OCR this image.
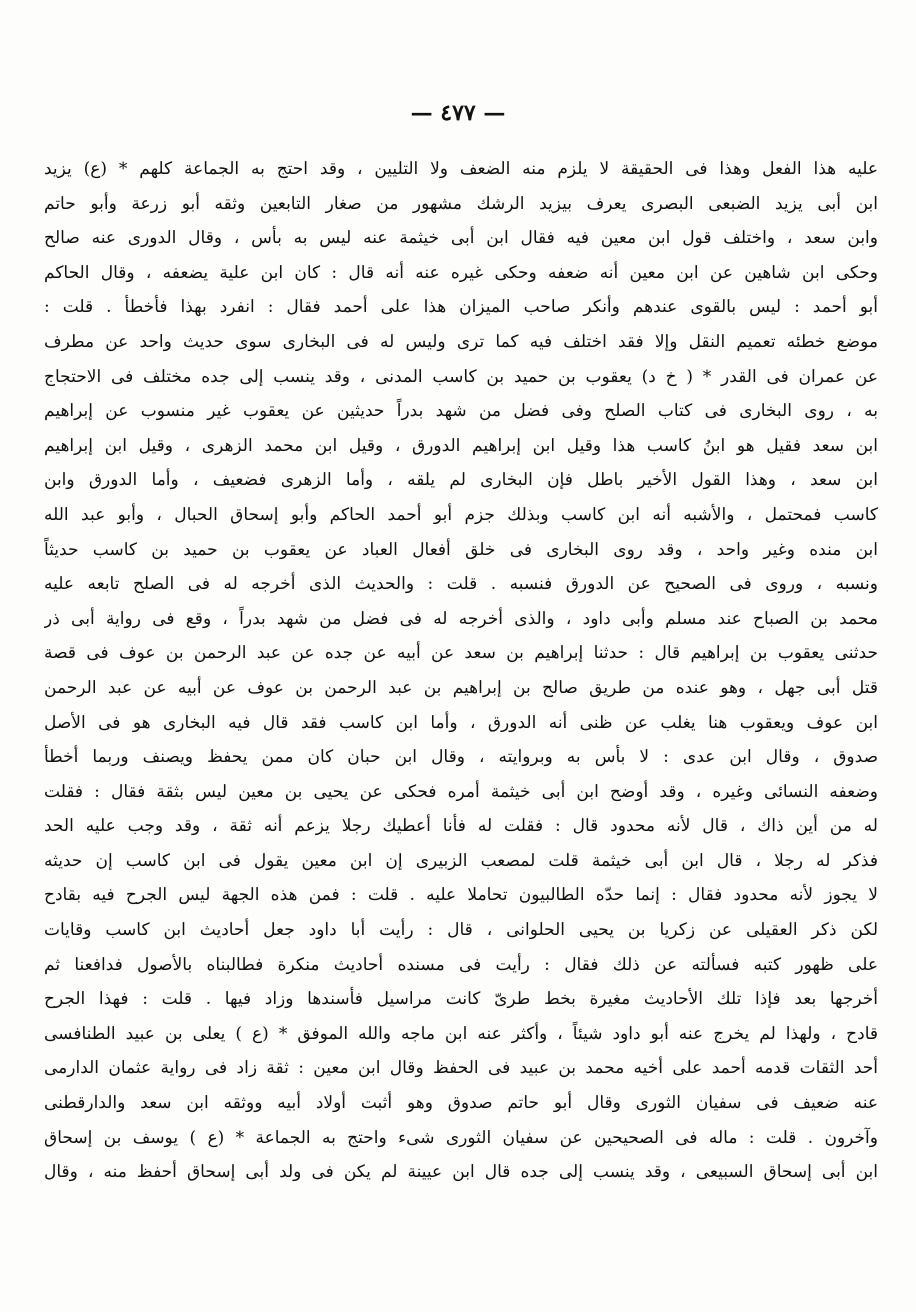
— ٤٧٧ —
عليه هذا الفعل وهذا فى الحقيقة لا يلزم منه الضعف ولا التليين ، وقد احتج به الجماعة كلهم * (ع) يزيد
ابن أبى يزيد الضبعى البصرى يعرف بيزيد الرشك مشهور من صغار التابعين وثقه أبو زرعة وأبو حاتم
وابن سعد ، واختلف قول ابن معين فيه فقال ابن أبى خيثمة عنه ليس به بأس ، وقال الدورى عنه صالح
وحكى ابن شاهين عن ابن معين أنه ضعفه وحكى غيره عنه أنه قال : كان ابن علية يضعفه ، وقال الحاكم
أبو أحمد : ليس بالقوى عندهم وأنكر صاحب الميزان هذا على أحمد فقال : انفرد بهذا فأخطأ . قلت :
موضع خطئه تعميم النقل وإلا فقد اختلف فيه كما ترى وليس له فى البخارى سوى حديث واحد عن مطرف
عن عمران فى القدر * ( خ د) يعقوب بن حميد بن كاسب المدنى ، وقد ينسب إلى جده مختلف فى الاحتجاج
به ، روى البخارى فى كتاب الصلح وفى فضل من شهد بدراً حديثين عن يعقوب غير منسوب عن إبراهيم
ابن سعد فقيل هو ابنُ كاسب هذا وقيل ابن إبراهيم الدورق ، وقيل ابن محمد الزهرى ، وقيل ابن إبراهيم
ابن سعد ، وهذا القول الأخير باطل فإن البخارى لم يلقه ، وأما الزهرى فضعيف ، وأما الدورق وابن
كاسب فمحتمل ، والأشبه أنه ابن كاسب وبذلك جزم أبو أحمد الحاكم وأبو إسحاق الحبال ، وأبو عبد الله
ابن منده وغير واحد ، وقد روى البخارى فى خلق أفعال العباد عن يعقوب بن حميد بن كاسب حديثاً
ونسبه ، وروى فى الصحيح عن الدورق فنسبه . قلت : والحديث الذى أخرجه له فى الصلح تابعه عليه
محمد بن الصباح عند مسلم وأبى داود ، والذى أخرجه له فى فضل من شهد بدراً ، وقع فى رواية أبى ذر
حدثنى يعقوب بن إبراهيم قال : حدثنا إبراهيم بن سعد عن أبيه عن جده عن عبد الرحمن بن عوف فى قصة
قتل أبى جهل ، وهو عنده من طريق صالح بن إبراهيم بن عبد الرحمن بن عوف عن أبيه عن عبد الرحمن
ابن عوف ويعقوب هنا يغلب عن ظنى أنه الدورق ، وأما ابن كاسب فقد قال فيه البخارى هو فى الأصل
صدوق ، وقال ابن عدى : لا بأس به وبروايته ، وقال ابن حبان كان ممن يحفظ ويصنف وربما أخطأ
وضعفه النسائى وغيره ، وقد أوضح ابن أبى خيثمة أمره فحكى عن يحيى بن معين ليس بثقة فقال : فقلت
له من أين ذاك ، قال لأنه محدود قال : فقلت له فأنا أعطيك رجلا يزعم أنه ثقة ، وقد وجب عليه الحد
فذكر له رجلا ، قال ابن أبى خيثمة قلت لمصعب الزبيرى إن ابن معين يقول فى ابن كاسب إن حديثه
لا يجوز لأنه محدود فقال : إنما حدّه الطالبيون تحاملا عليه . قلت : فمن هذه الجهة ليس الجرح فيه بقادح
لكن ذكر العقيلى عن زكريا بن يحيى الحلوانى ، قال : رأيت أبا داود جعل أحاديث ابن كاسب وقايات
على ظهور كتبه فسألته عن ذلك فقال : رأيت فى مسنده أحاديث منكرة فطالبناه بالأصول فدافعنا ثم
أخرجها بعد فإذا تلك الأحاديث مغيرة بخط طرىّ كانت مراسيل فأسندها وزاد فيها . قلت : فهذا الجرح
قادح ، ولهذا لم يخرج عنه أبو داود شيئاً ، وأكثر عنه ابن ماجه والله الموفق * (ع ) يعلى بن عبيد الطنافسى
أحد الثقات قدمه أحمد على أخيه محمد بن عبيد فى الحفظ وقال ابن معين : ثقة زاد فى رواية عثمان الدارمى
عنه ضعيف فى سفيان الثورى وقال أبو حاتم صدوق وهو أثبت أولاد أبيه ووثقه ابن سعد والدارقطنى
وآخرون . قلت : ماله فى الصحيحين عن سفيان الثورى شىء واحتج به الجماعة * (ع ) يوسف بن إسحاق
ابن أبى إسحاق السبيعى ، وقد ينسب إلى جده قال ابن عيينة لم يكن فى ولد أبى إسحاق أحفظ منه ، وقال
